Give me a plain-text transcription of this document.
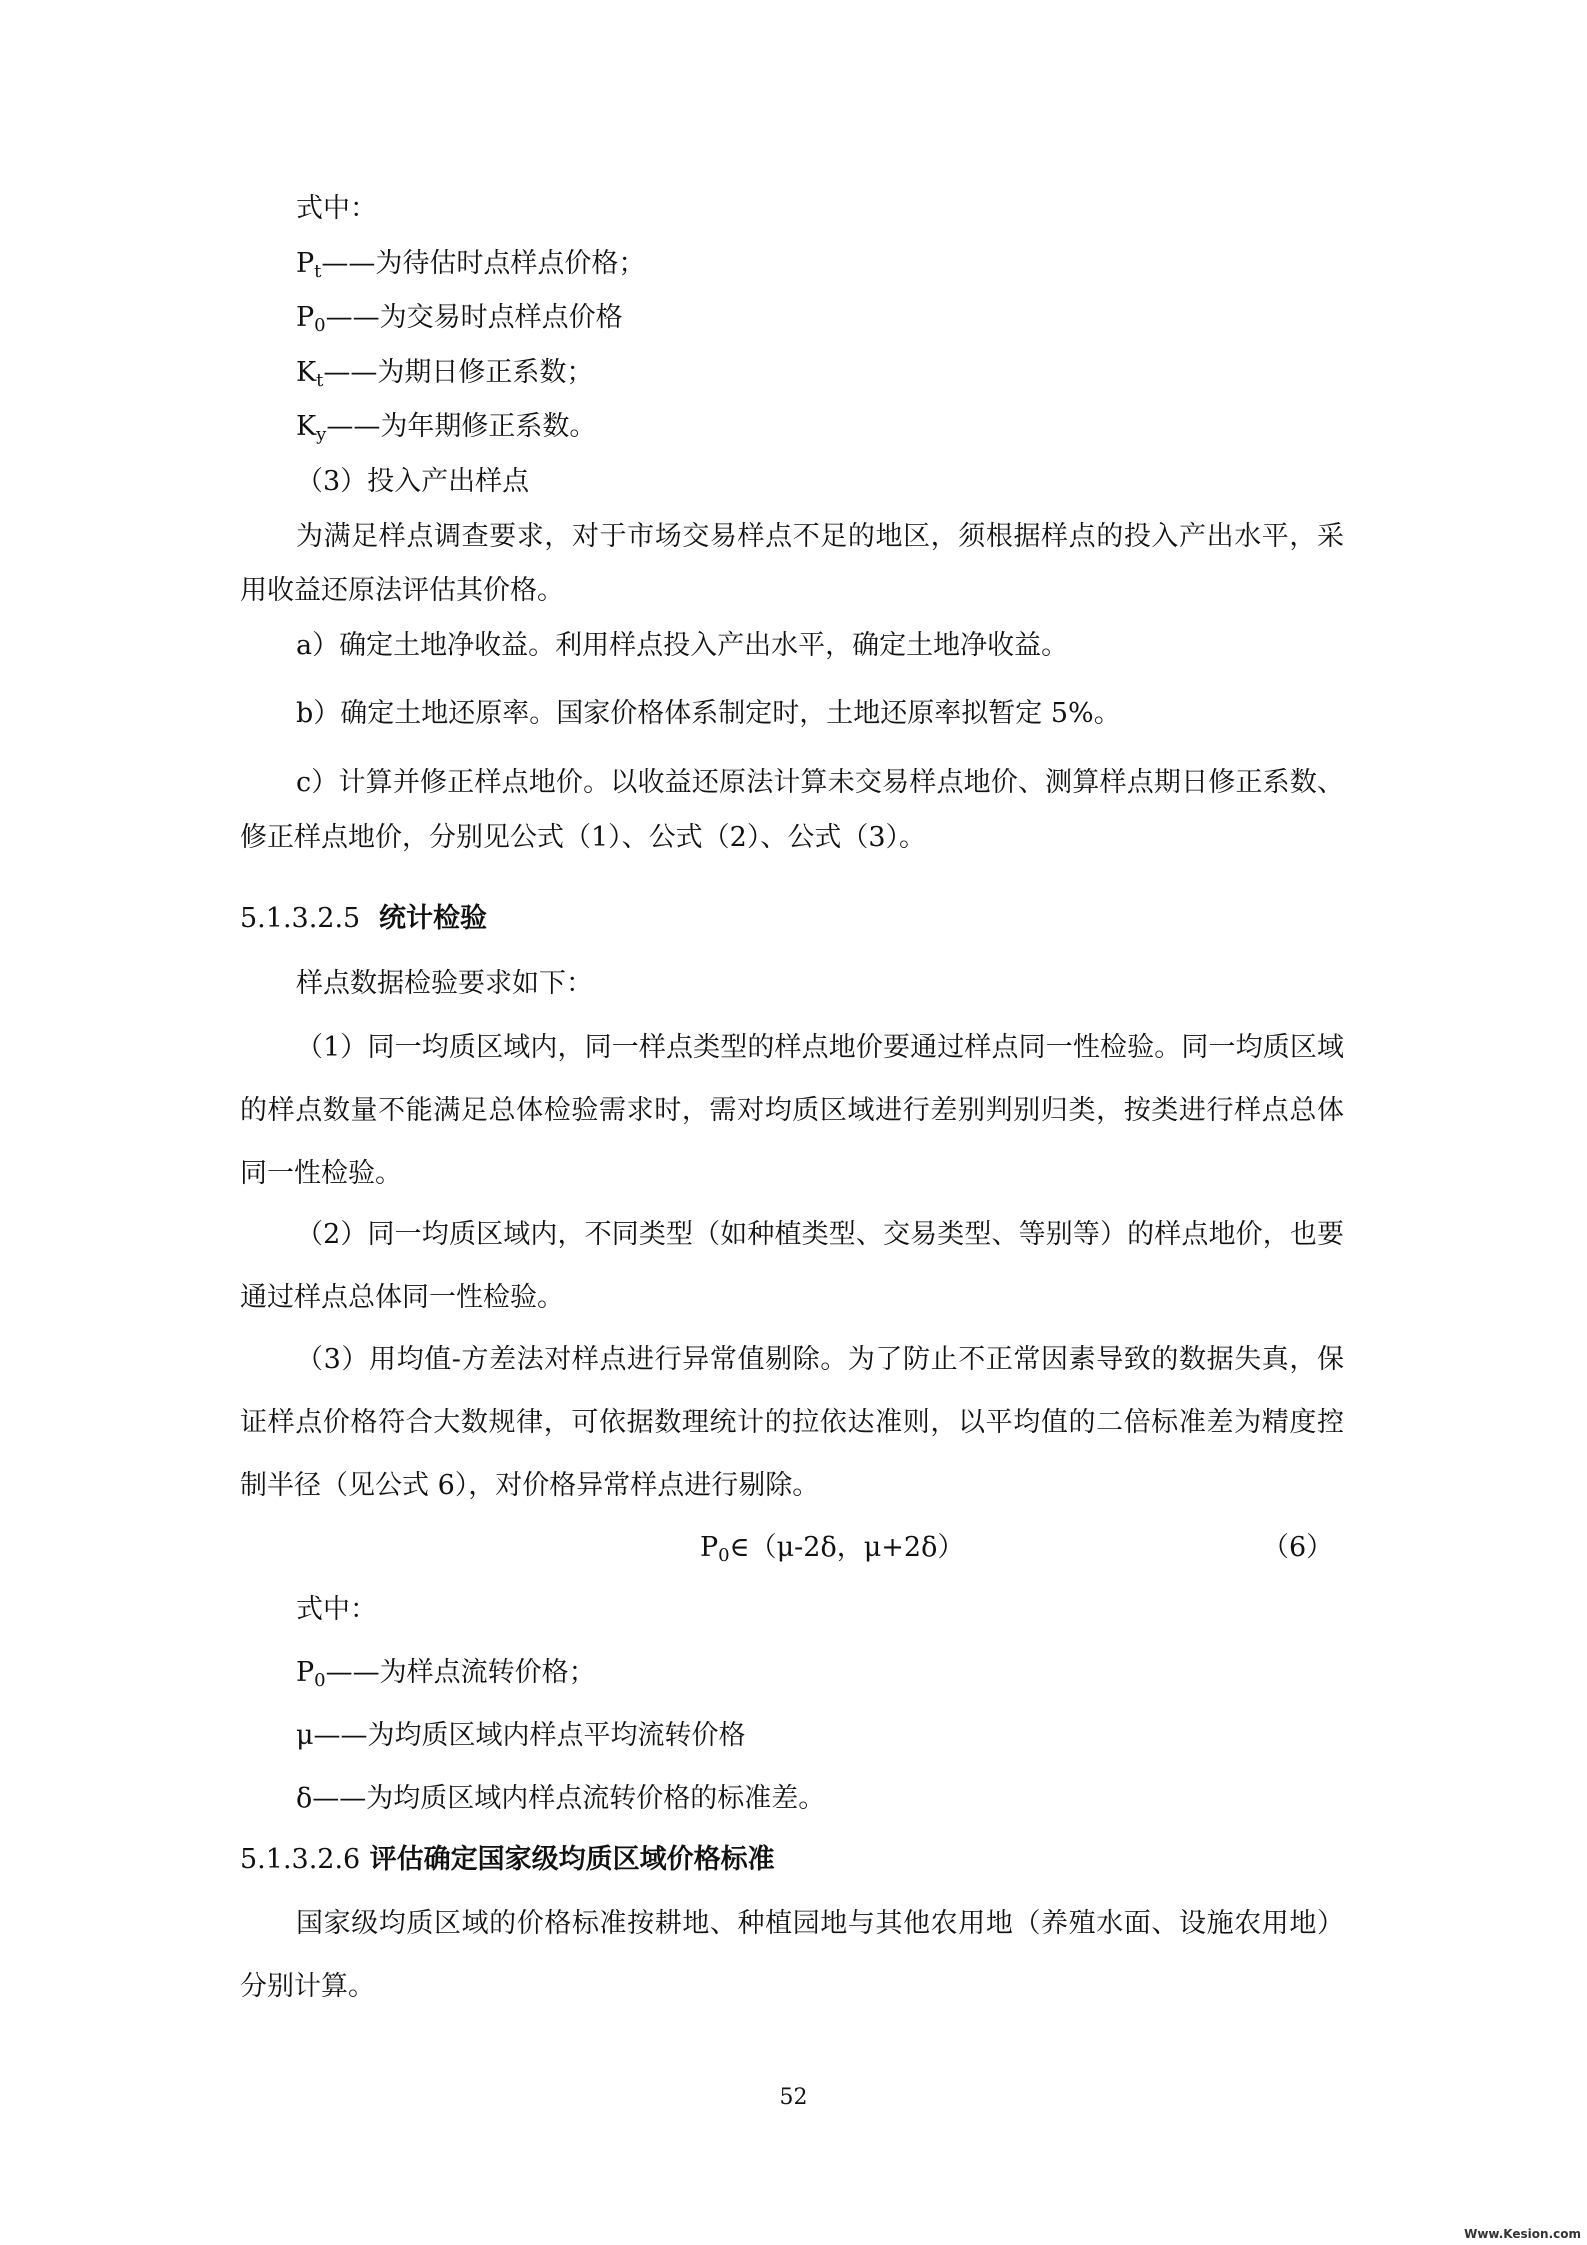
式中：
$P_t——$为待估时点样点价格；
$P_0——$为交易时点样点价格
$K_t——$为期日修正系数；
$K_y——$为年期修正系数。
（3）投入产出样点
为满足样点调查要求，对于市场交易样点不足的地区，须根据样点的投入产出水平，采
用收益还原法评估其价格。
a）确定土地净收益。利用样点投入产出水平，确定土地净收益。
b）确定土地还原率。国家价格体系制定时，土地还原率拟暂定 5%。
c）计算并修正样点地价。以收益还原法计算未交易样点地价、测算样点期日修正系数、
修正样点地价，分别见公式（1）、公式（2）、公式（3）。
5.1.3.2.5 统计检验
样点数据检验要求如下：
（1）同一均质区域内，同一样点类型的样点地价要通过样点同一性检验。同一均质区域
的样点数量不能满足总体检验需求时，需对均质区域进行差别判别归类，按类进行样点总体
同一性检验。
（2）同一均质区域内，不同类型（如种植类型、交易类型、等别等）的样点地价，也要
通过样点总体同一性检验。
（3）用均值-方差法对样点进行异常值剔除。为了防止不正常因素导致的数据失真，保
证样点价格符合大数规律，可依据数理统计的拉依达准则，以平均值的二倍标准差为精度控
制半径（见公式 6），对价格异常样点进行剔除。
$P_0\in(\mu-2\delta$，μ+2δ）	（6）
式中：
$P_0——$为样点流转价格；
μ——为均质区域内样点平均流转价格
δ——为均质区域内样点流转价格的标准差。
5.1.3.2.6 评估确定国家级均质区域价格标准
国家级均质区域的价格标准按耕地、种植园地与其他农用地（养殖水面、设施农用地）
分别计算。
52
Www.Kesion.com
